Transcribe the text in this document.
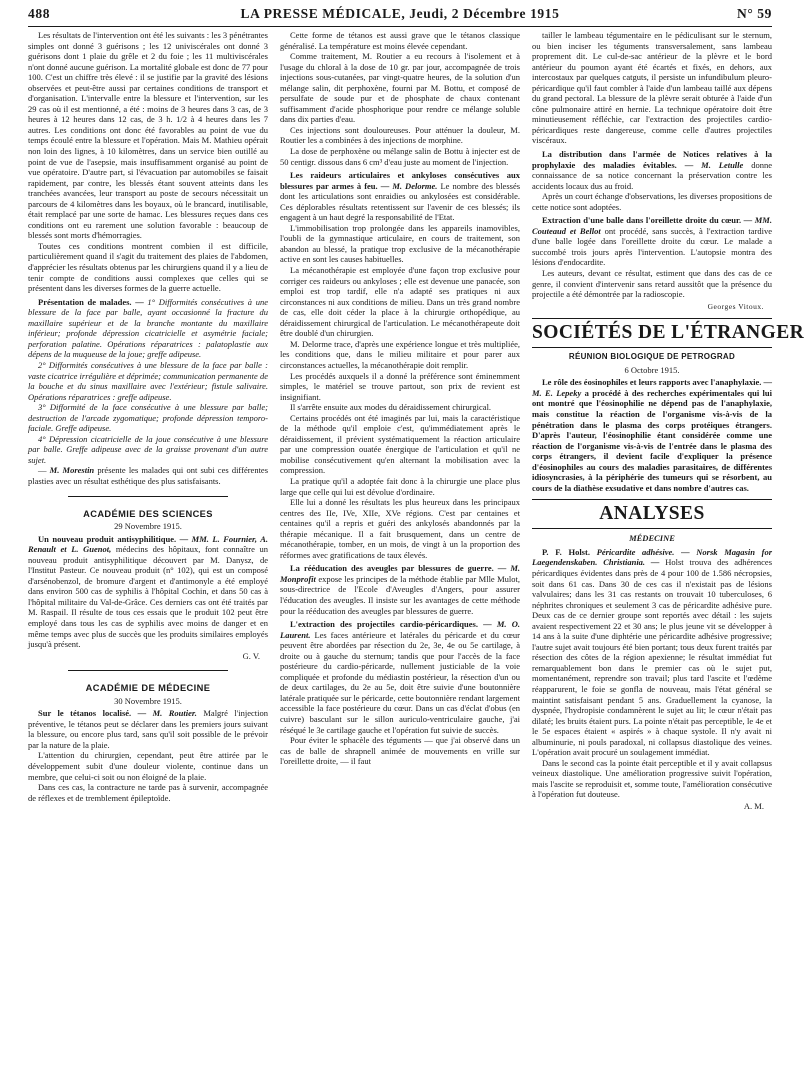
488	LA PRESSE MÉDICALE, Jeudi, 2 Décembre 1915	N° 59

Les résultats de l'intervention ont été les suivants : les 3 pénétrantes simples ont donné 3 guérisons ; les 12 univiscérales ont donné 3 guérisons dont 1 plaie du grêle et 2 du foie ; les 11 multiviscérales n'ont donné aucune guérison. La mortalité globale est donc de 77 pour 100. C'est un chiffre très élevé : il se justifie par la gravité des lésions observées et peut-être aussi par certaines conditions de transport et d'organisation. L'intervalle entre la blessure et l'intervention, sur les 29 cas où il est mentionné, a été : moins de 3 heures dans 3 cas, de 3 heures à 12 heures dans 12 cas, de 3 h. 1/2 à 4 heures dans les 7 autres. Les conditions ont donc été favorables au point de vue du temps écoulé entre la blessure et l'opération. Mais M. Mathieu opérait non loin des lignes, à 10 kilomètres, dans un service bien outillé au point de vue de l'asepsie, mais insuffisamment organisé au point de vue opératoire. D'autre part, si l'évacuation par automobiles se faisait rapidement, par contre, les blessés étant souvent atteints dans les tranchées avancées, leur transport au poste de secours nécessitait un parcours de 4 kilomètres dans les boyaux, où le brancard, inutilisable, était remplacé par une sorte de hamac. Les blessures reçues dans ces conditions ont eu rarement une solution favorable : beaucoup de blessés sont morts d'hémorragies.

Toutes ces conditions montrent combien il est difficile, particulièrement quand il s'agit du traitement des plaies de l'abdomen, d'apprécier les résultats obtenus par les chirurgiens quand il y a lieu de tenir compte de conditions aussi complexes que celles qui se présentent dans les diverses formes de la guerre actuelle.

Présentation de malades. — 1° Difformités consécutives à une blessure de la face par balle, ayant occasionné la fracture du maxillaire supérieur et de la branche montante du maxillaire inférieur; profonde dépression cicatricielle et asymétrie faciale; perforation palatine. Opérations réparatrices : palatoplastie aux dépens de la muqueuse de la joue; greffe adipeuse.

2° Difformités consécutives à une blessure de la face par balle : vaste cicatrice irrégulière et déprimée; communication permanente de la bouche et du sinus maxillaire avec l'extérieur; fistule salivaire. Opérations réparatrices : greffe adipeuse.

3° Difformité de la face consécutive à une blessure par balle; destruction de l'arcade zygomatique; profonde dépression temporo-faciale. Greffe adipeuse.

4° Dépression cicatricielle de la joue consécutive à une blessure par balle. Greffe adipeuse avec de la graisse provenant d'un autre sujet.

— M. Morestin présente les malades qui ont subi ces différentes plasties avec un résultat esthétique des plus satisfaisants.

ACADÉMIE DES SCIENCES
29 Novembre 1915.

Un nouveau produit antisyphilitique. — MM. L. Fournier, A. Renault et L. Guenot, médecins des hôpitaux, font connaître un nouveau produit antisyphilitique découvert par M. Danysz, de l'Institut Pasteur. Ce nouveau produit (n° 102), qui est un composé d'arsénobenzol, de bromure d'argent et d'antimonyle a été employé dans environ 500 cas de syphilis à l'hôpital Cochin, et dans 50 cas à l'hôpital militaire du Val-de-Grâce. Ces derniers cas ont été traités par M. Raspail. Il résulte de tous ces essais que le produit 102 peut être employé dans tous les cas de syphilis avec moins de danger et en même temps avec plus de succès que les produits similaires employés jusqu'à présent.

G. V.
ACADÉMIE DE MÉDECINE
30 Novembre 1915.

Sur le tétanos localisé. — M. Routier. Malgré l'injection préventive, le tétanos peut se déclarer dans les premiers jours suivant la blessure, ou encore plus tard, sans qu'il soit possible de le prévoir par la nature de la plaie.

L'attention du chirurgien, cependant, peut être attirée par le développement subit d'une douleur violente, continue dans un membre, que celui-ci soit ou non éloigné de la plaie.

Dans ces cas, la contracture ne tarde pas à survenir, accompagnée de réflexes et de tremblement épileptoïde.

Cette forme de tétanos est aussi grave que le tétanos classique généralisé. La température est moins élevée cependant.

Comme traitement, M. Routier a eu recours à l'isolement et à l'usage du chloral à la dose de 10 gr. par jour, accompagnée de trois injections sous-cutanées, par vingt-quatre heures, de la solution d'un mélange salin, dit perphoxène, fourni par M. Bottu, et composé de persulfate de soude pur et de phosphate de chaux contenant suffisamment d'acide phosphorique pour rendre ce mélange soluble dans dix parties d'eau.

Ces injections sont douloureuses. Pour atténuer la douleur, M. Routier les a combinées à des injections de morphine.

La dose de perphoxène ou mélange salin de Bottu à injecter est de 50 centigr. dissous dans 6 cm³ d'eau juste au moment de l'injection.

Les raideurs articulaires et ankyloses consécutives aux blessures par armes à feu. — M. Delorme. Le nombre des blessés dont les articulations sont enraidies ou ankylosées est considérable. Ces déplorables résultats retentissent sur l'avenir de ces blessés; ils engagent à un haut degré la responsabilité de l'Etat.

L'immobilisation trop prolongée dans les appareils inamovibles, l'oubli de la gymnastique articulaire, en cours de traitement, son abandon au blessé, la pratique trop exclusive de la mécanothérapie active en sont les causes habituelles.

La mécanothérapie est employée d'une façon trop exclusive pour corriger ces raideurs ou ankyloses ; elle est devenue une panacée, son emploi est trop tardif, elle n'a adapté ses pratiques ni aux circonstances ni aux conditions de milieu. Dans un très grand nombre de cas, elle doit céder la place à la chirurgie orthopédique, au déraidissement chirurgical de l'articulation. Le mécanothérapeute doit être doublé d'un chirurgien.

M. Delorme trace, d'après une expérience longue et très multipliée, les conditions que, dans le milieu militaire et pour parer aux circonstances actuelles, la mécanothérapie doit remplir.

Les procédés auxquels il a donné la préférence sont éminemment simples, le matériel se trouve partout, son prix de revient est insignifiant.

Il s'arrête ensuite aux modes du déraidissement chirurgical.

Certains procédés ont été imaginés par lui, mais la caractéristique de la méthode qu'il emploie c'est, qu'immédiatement après le déraidissement, il prévient systématiquement la réaction articulaire par une compression ouatée énergique de l'articulation et qu'il ne mobilise consécutivement qu'en alternant la mobilisation avec la compression.

La pratique qu'il a adoptée fait donc à la chirurgie une place plus large que celle qui lui est dévolue d'ordinaire.

Elle lui a donné les résultats les plus heureux dans les principaux centres des IIe, IVe, XIIe, XVe régions. C'est par centaines et centaines qu'il a repris et guéri des ankylosés abandonnés par la thérapie mécanique. Il a fait brusquement, dans un centre de mécanothérapie, tomber, en un mois, de vingt à un la proportion des réformes avec gratifications de taux élevés.

La rééducation des aveugles par blessures de guerre. — M. Monprofit expose les principes de la méthode établie par Mlle Mulot, sous-directrice de l'Ecole d'Aveugles d'Angers, pour assurer l'éducation des aveugles. Il insiste sur les avantages de cette méthode pour la rééducation des aveugles par blessures de guerre.

L'extraction des projectiles cardio-péricardiques. — M. O. Laurent. Les faces antérieure et latérales du péricarde et du cœur peuvent être abordées par résection du 2e, 3e, 4e ou 5e cartilage, à droite ou à gauche du sternum; tandis que pour l'accès de la face postérieure du cardio-péricarde, nullement justiciable de la voie compliquée et profonde du médiastin postérieur, la résection d'un ou de deux cartilages, du 2e au 5e, doit être suivie d'une boutonnière latérale pratiquée sur le péricarde, cette boutonnière rendant largement accessible la face postérieure du cœur. Dans un cas d'éclat d'obus (en cuivre) basculant sur le sillon auriculo-ventriculaire gauche, j'ai réséqué le 3e cartilage gauche et l'opération fut suivie de succès.

Pour éviter le sphacèle des téguments — que j'ai observé dans un cas de balle de shrapnell animée de mouvements en vrille sur l'oreillette droite, — il faut

tailler le lambeau tégumentaire en le pédiculisant sur le sternum, ou bien inciser les téguments transversalement, sans lambeau proprement dit. Le cul-de-sac antérieur de la plèvre et le bord antérieur du poumon ayant été écartés et fixés, en dehors, aux intercostaux par quelques catguts, il persiste un infundibulum pleuro-péricardique qu'il faut combler à l'aide d'un lambeau taillé aux dépens du grand pectoral. La blessure de la plèvre serait obturée à l'aide d'un cône pulmonaire attiré en hernie. La technique opératoire doit être minutieusement réfléchie, car l'extraction des projectiles cardio-péricardiques reste dangereuse, comme celle d'autres projectiles viscéraux.

La distribution dans l'armée de Notices relatives à la prophylaxie des maladies évitables. — M. Letulle donne connaissance de sa notice concernant la préservation contre les accidents locaux dus au froid.

Après un court échange d'observations, les diverses propositions de cette notice sont adoptées.

Extraction d'une balle dans l'oreillette droite du cœur. — MM. Couteaud et Bellot ont procédé, sans succès, à l'extraction tardive d'une balle logée dans l'oreillette droite du cœur. Le malade a succombé trois jours après l'intervention. L'autopsie montra des lésions d'endocardite.

Les auteurs, devant ce résultat, estiment que dans des cas de ce genre, il convient d'intervenir sans retard aussitôt que la présence du projectile a été démontrée par la radioscopie.

Georges Vitoux.
SOCIÉTÉS DE L'ÉTRANGER
RÉUNION BIOLOGIQUE DE PETROGRAD
6 Octobre 1915.

Le rôle des éosinophiles et leurs rapports avec l'anaphylaxie. — M. E. Lepeky a procédé à des recherches expérimentales qui lui ont montré que l'éosinophilie ne dépend pas de l'anaphylaxie, mais constitue la réaction de l'organisme vis-à-vis de la pénétration dans le plasma des corps protéiques étrangers. D'après l'auteur, l'éosinophilie étant considérée comme une réaction de l'organisme vis-à-vis de l'entrée dans le plasma des corps étrangers, il devient facile d'expliquer la présence d'éosinophiles au cours des maladies parasitaires, de différentes idiosyncrasies, à la périphérie des tumeurs qui se résorbent, au cours de la diathèse exsudative et dans nombre d'autres cas.

ANALYSES
MÉDECINE

P. F. Holst. Péricardite adhésive. — Norsk Magasin for Laegendenskaben. Christiania. — Holst trouva des adhérences péricardiques évidentes dans près de 4 pour 100 de 1.586 nécropsies, soit dans 61 cas. Dans 30 de ces cas il n'existait pas de lésions valvulaires; dans les 31 cas restants on trouvait 10 tuberculoses, 6 néphrites chroniques et seulement 3 cas de péricardite adhésive pure. Deux cas de ce dernier groupe sont reportés avec détail : les sujets avaient respectivement 22 et 30 ans; le plus jeune vit se développer à 14 ans à la suite d'une diphtérie une péricardite adhésive progressive; l'autre sujet avait toujours été bien portant; tous deux furent traités par résection des côtes de la région apexienne; le résultat immédiat fut remarquablement bon dans le premier cas où le sujet put, momentanément, reprendre son travail; plus tard l'ascite et l'œdème réapparurent, le foie se gonfla de nouveau, mais l'état général se maintint satisfaisant pendant 5 ans. Graduellement la cyanose, la dyspnée, l'hydropisie condamnèrent le sujet au lit; le cœur n'était pas dilaté; les bruits étaient purs. La pointe n'était pas perceptible, le 4e et le 5e espaces étaient « aspirés » à chaque systole. Il n'y avait ni albuminurie, ni pouls paradoxal, ni collapsus diastolique des veines. L'opération avait procuré un soulagement immédiat.

Dans le second cas la pointe était perceptible et il y avait collapsus veineux diastolique. Une amélioration progressive suivit l'opération, mais l'ascite se reproduisit et, somme toute, l'amélioration consécutive à l'opération fut douteuse.

A. M.
